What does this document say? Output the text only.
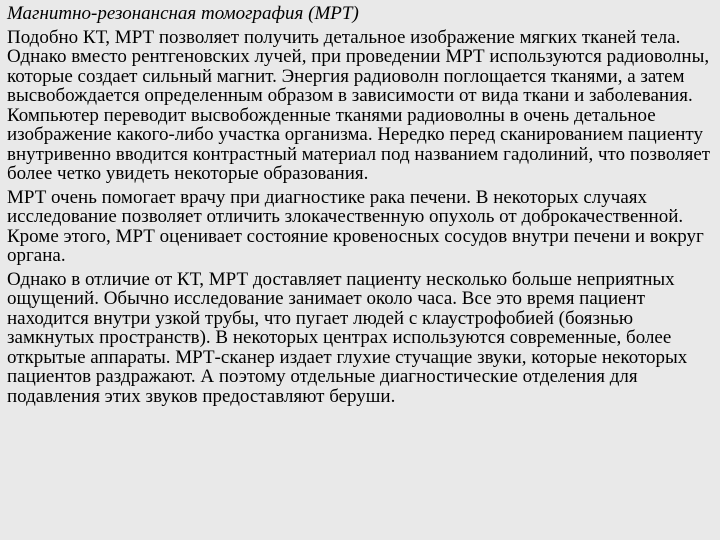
Магнитно-резонансная томография (МРТ)

Подобно КТ, МРТ позволяет получить детальное изображение мягких тканей тела. Однако вместо рентгеновских лучей, при проведении МРТ используются радиоволны, которые создает сильный магнит. Энергия радиоволн поглощается тканями, а затем высвобождается определенным образом в зависимости от вида ткани и заболевания. Компьютер переводит высвобожденные тканями радиоволны в очень детальное изображение какого-либо участка организма. Нередко перед сканированием пациенту внутривенно вводится контрастный материал под названием гадолиний, что позволяет более четко увидеть некоторые образования.

МРТ очень помогает врачу при диагностике рака печени. В некоторых случаях исследование позволяет отличить злокачественную опухоль от доброкачественной. Кроме этого, МРТ оценивает состояние кровеносных сосудов внутри печени и вокруг органа.

Однако в отличие от КТ, МРТ доставляет пациенту несколько больше неприятных ощущений. Обычно исследование занимает около часа. Все это время пациент находится внутри узкой трубы, что пугает людей с клаустрофобией (боязнью замкнутых пространств). В некоторых центрах используются современные, более открытые аппараты. МРТ-сканер издает глухие стучащие звуки, которые некоторых пациентов раздражают. А поэтому отдельные диагностические отделения для подавления этих звуков предоставляют беруши.
